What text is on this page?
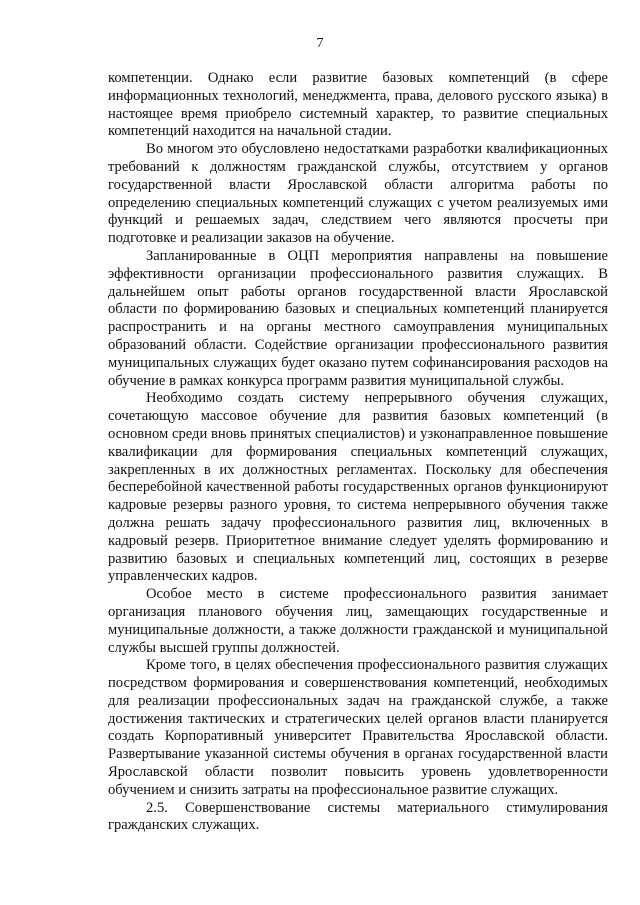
7

компетенции. Однако если развитие базовых компетенций (в сфере информационных технологий, менеджмента, права, делового русского языка) в настоящее время приобрело системный характер, то развитие специальных компетенций находится на начальной стадии.

Во многом это обусловлено недостатками разработки квалификационных требований к должностям гражданской службы, отсутствием у органов государственной власти Ярославской области алгоритма работы по определению специальных компетенций служащих с учетом реализуемых ими функций и решаемых задач, следствием чего являются просчеты при подготовке и реализации заказов на обучение.

Запланированные в ОЦП мероприятия направлены на повышение эффективности организации профессионального развития служащих. В дальнейшем опыт работы органов государственной власти Ярославской области по формированию базовых и специальных компетенций планируется распространить и на органы местного самоуправления муниципальных образований области. Содействие организации профессионального развития муниципальных служащих будет оказано путем софинансирования расходов на обучение в рамках конкурса программ развития муниципальной службы.

Необходимо создать систему непрерывного обучения служащих, сочетающую массовое обучение для развития базовых компетенций (в основном среди вновь принятых специалистов) и узконаправленное повышение квалификации для формирования специальных компетенций служащих, закрепленных в их должностных регламентах. Поскольку для обеспечения бесперебойной качественной работы государственных органов функционируют кадровые резервы разного уровня, то система непрерывного обучения также должна решать задачу профессионального развития лиц, включенных в кадровый резерв. Приоритетное внимание следует уделять формированию и развитию базовых и специальных компетенций лиц, состоящих в резерве управленческих кадров.

Особое место в системе профессионального развития занимает организация планового обучения лиц, замещающих государственные и муниципальные должности, а также должности гражданской и муниципальной службы высшей группы должностей.

Кроме того, в целях обеспечения профессионального развития служащих посредством формирования и совершенствования компетенций, необходимых для реализации профессиональных задач на гражданской службе, а также достижения тактических и стратегических целей органов власти планируется создать Корпоративный университет Правительства Ярославской области. Развертывание указанной системы обучения в органах государственной власти Ярославской области позволит повысить уровень удовлетворенности обучением и снизить затраты на профессиональное развитие служащих.

2.5. Совершенствование системы материального стимулирования гражданских служащих.
